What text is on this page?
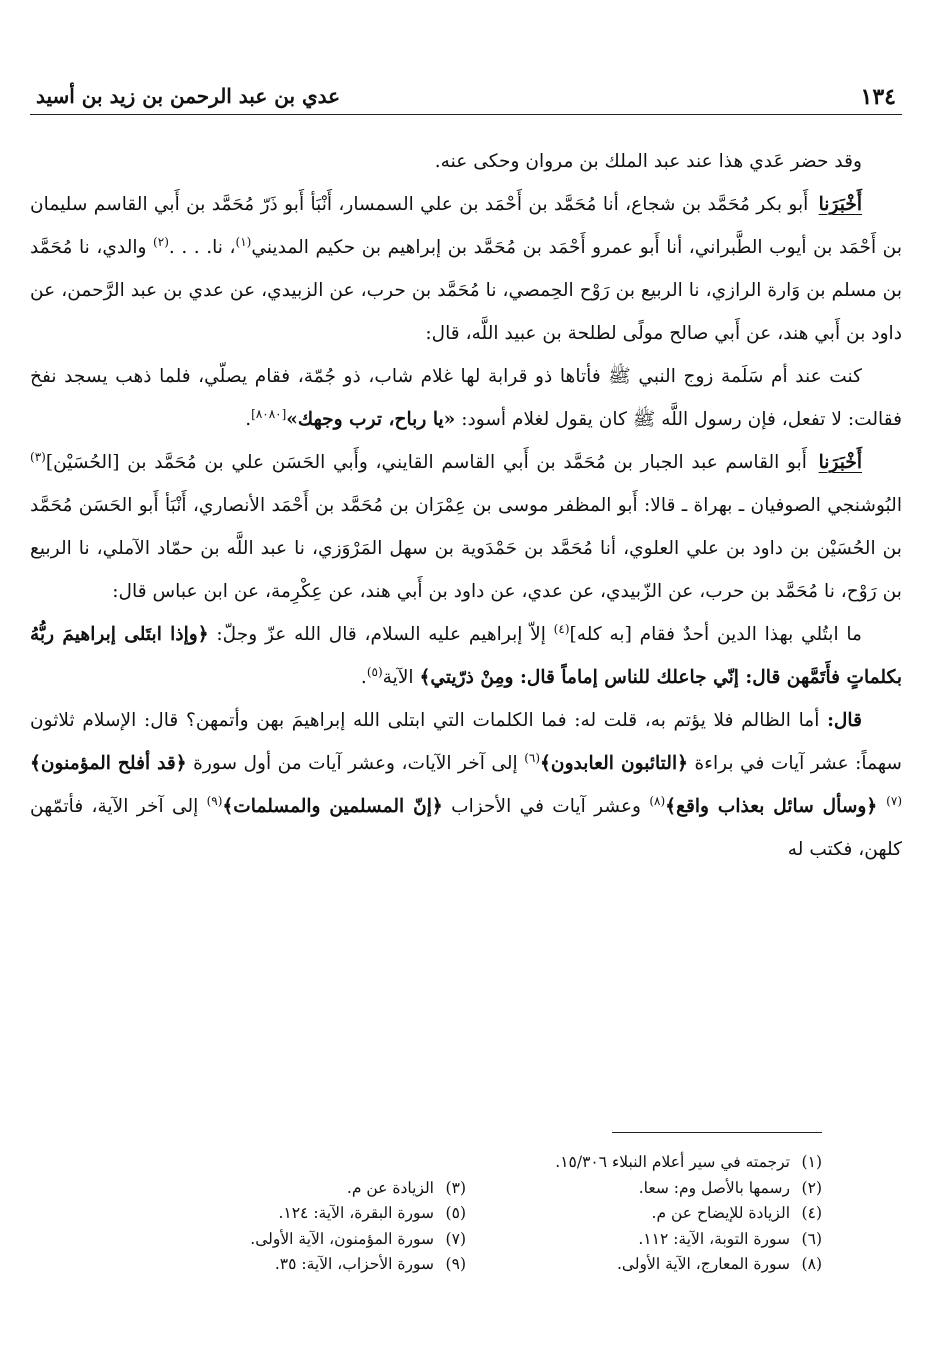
١٣٤
عدي بن عبد الرحمن بن زيد بن أسيد

وقد حضر عَدي هذا عند عبد الملك بن مروان وحكى عنه.

أَخْبَرَنا أَبو بكر مُحَمَّد بن شجاع، أنا مُحَمَّد بن أَحْمَد بن علي السمسار، أَنْبَأ أَبو ذَرّ مُحَمَّد بن أَبي القاسم سليمان بن أَحْمَد بن أيوب الطَّبراني، أنا أَبو عمرو أَحْمَد بن مُحَمَّد بن إبراهيم بن حكيم المديني$^{(١)}$، نا. . . .$^{(٢)}$ والدي، نا مُحَمَّد بن مسلم بن وَارة الرازي، نا الربيع بن رَوْح الحِمصي، نا مُحَمَّد بن حرب، عن الزبيدي، عن عدي بن عبد الرَّحمن، عن داود بن أَبي هند، عن أَبي صالح مولًى لطلحة بن عبيد اللَّه، قال:

كنت عند أم سَلَمة زوج النبي ﷺ فأتاها ذو قرابة لها غلام شاب، ذو جُمّة، فقام يصلّي، فلما ذهب يسجد نفخ فقالت: لا تفعل، فإن رسول اللَّه ﷺ كان يقول لغلام أسود: «يا رباح، ترب وجهك»[٨٠٨٠].

أَخْبَرَنا أَبو القاسم عبد الجبار بن مُحَمَّد بن أَبي القاسم القايني، وأَبي الحَسَن علي بن مُحَمَّد بن [الحُسَيْن]$^{(٣)}$ البُوشنجي الصوفيان ـ بهراة ـ قالا: أَبو المظفر موسى بن عِمْرَان بن مُحَمَّد بن أَحْمَد الأنصاري، أَنْبَأ أَبو الحَسَن مُحَمَّد بن الحُسَيْن بن داود بن علي العلوي، أنا مُحَمَّد بن حَمْدَوية بن سهل المَرْوَزي، نا عبد اللَّه بن حمّاد الآملي، نا الربيع بن رَوْح، نا مُحَمَّد بن حرب، عن الزّبيدي، عن عدي، عن داود بن أَبي هند، عن عِكْرِمة، عن ابن عباس قال:

ما ابتُلي بهذا الدين أحدٌ فقام [به كله]$^{(٤)}$ إلاّ إبراهيم عليه السلام، قال الله عزّ وجلّ: ﴿وإذا ابتَلى إبراهيمَ ربُّهُ بكلماتٍ فأَتَمَّهن قال: إنّي جاعلك للناس إماماً قال: ومِنْ ذرّيتي﴾ الآية$^{(٥)}$.

قال: أما الظالم فلا يؤتم به، قلت له: فما الكلمات التي ابتلى الله إبراهيمَ بهن وأتمهن؟ قال: الإسلام ثلاثون سهماً: عشر آيات في براءة ﴿التائبون العابدون﴾$^{(٦)}$ إلى آخر الآيات، وعشر آيات من أول سورة ﴿قد أفلح المؤمنون﴾$^{(٧)}$ ﴿وسأل سائل بعذاب واقع﴾$^{(٨)}$ وعشر آيات في الأحزاب ﴿إنّ المسلمين والمسلمات﴾$^{(٩)}$ إلى آخر الآية، فأتمّهن كلهن، فكتب له

(١)ترجمته في سير أعلام النبلاء ١٥/٣٠٦.
(٢)رسمها بالأصل وم: سعا.
(٣)الزيادة عن م.
(٤)الزيادة للإيضاح عن م.
(٥)سورة البقرة، الآية: ١٢٤.
(٦)سورة التوبة، الآية: ١١٢.
(٧)سورة المؤمنون، الآية الأولى.
(٨)سورة المعارج، الآية الأولى.
(٩)سورة الأحزاب، الآية: ٣٥.
